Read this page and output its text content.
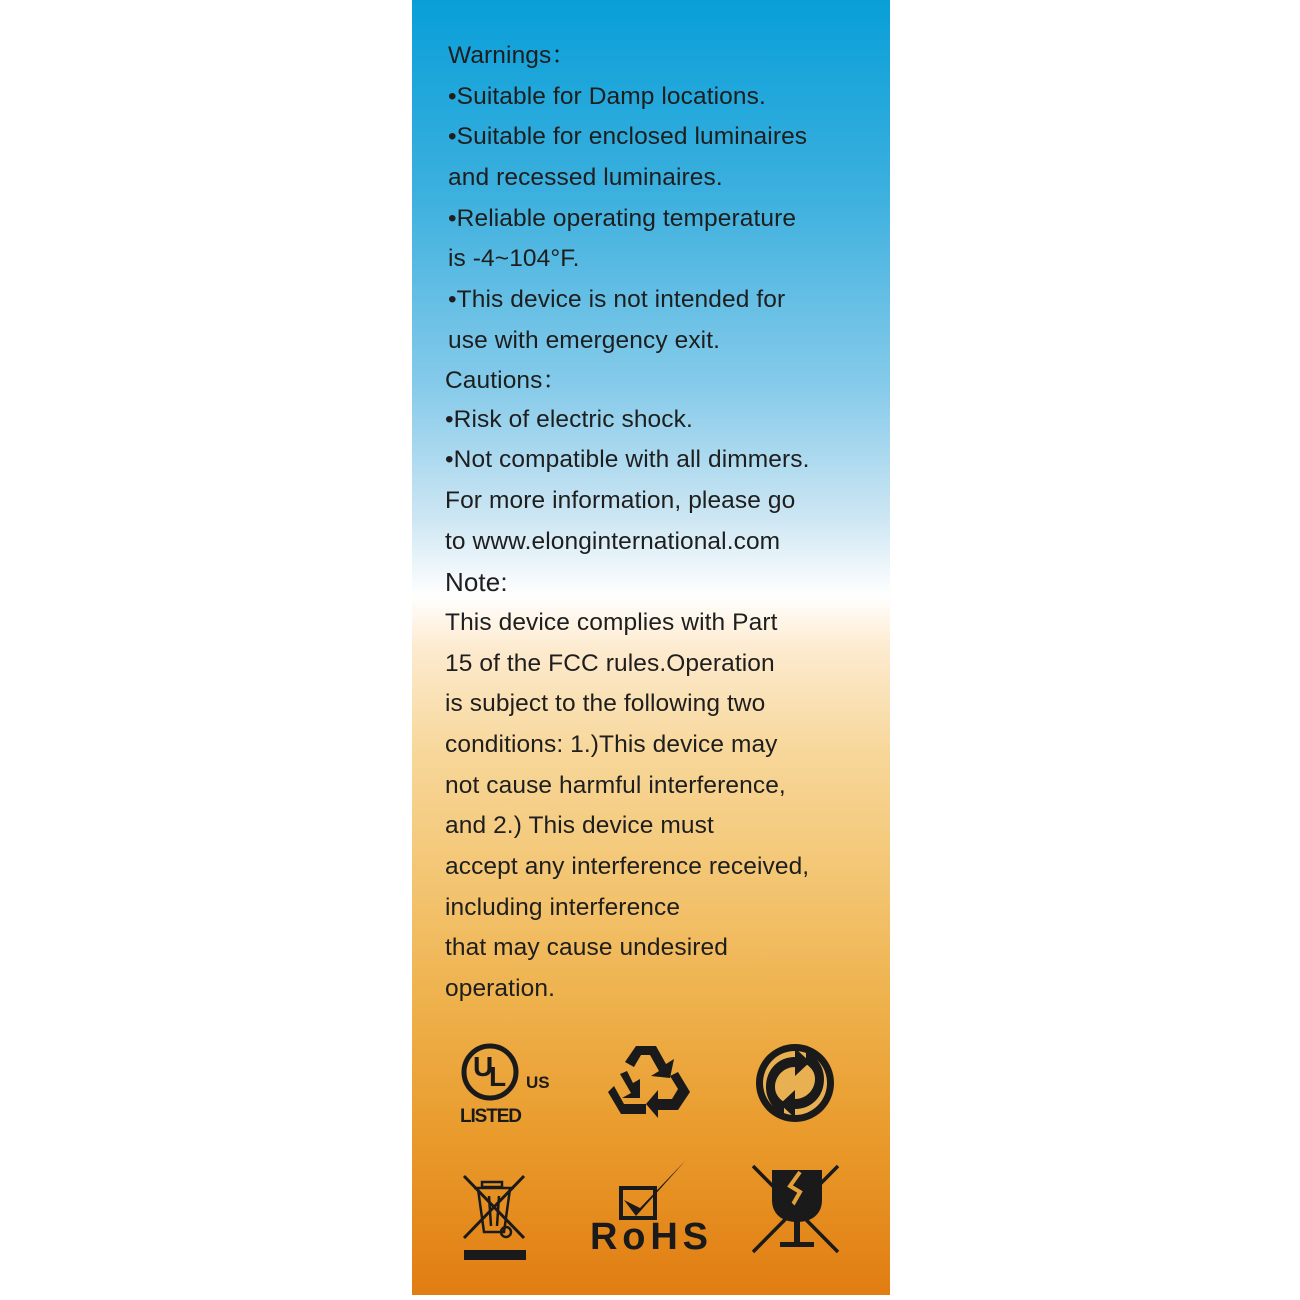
Warnings：
•Suitable for Damp locations.
•Suitable for enclosed luminaires
and recessed luminaires.
•Reliable operating temperature
is -4~104°F.
•This device is not intended for
use with emergency exit.
Cautions：
•Risk of electric shock.
•Not compatible with all dimmers.
For more information, please go
to www.elonginternational.com
Note:
This device complies with Part
15 of the FCC rules.Operation
is subject to the following two
conditions: 1.)This device may
not cause harmful interference,
and 2.) This device must
accept any interference received,
including interference
that may cause undesired
operation.
UL US
LISTED
RoHS
